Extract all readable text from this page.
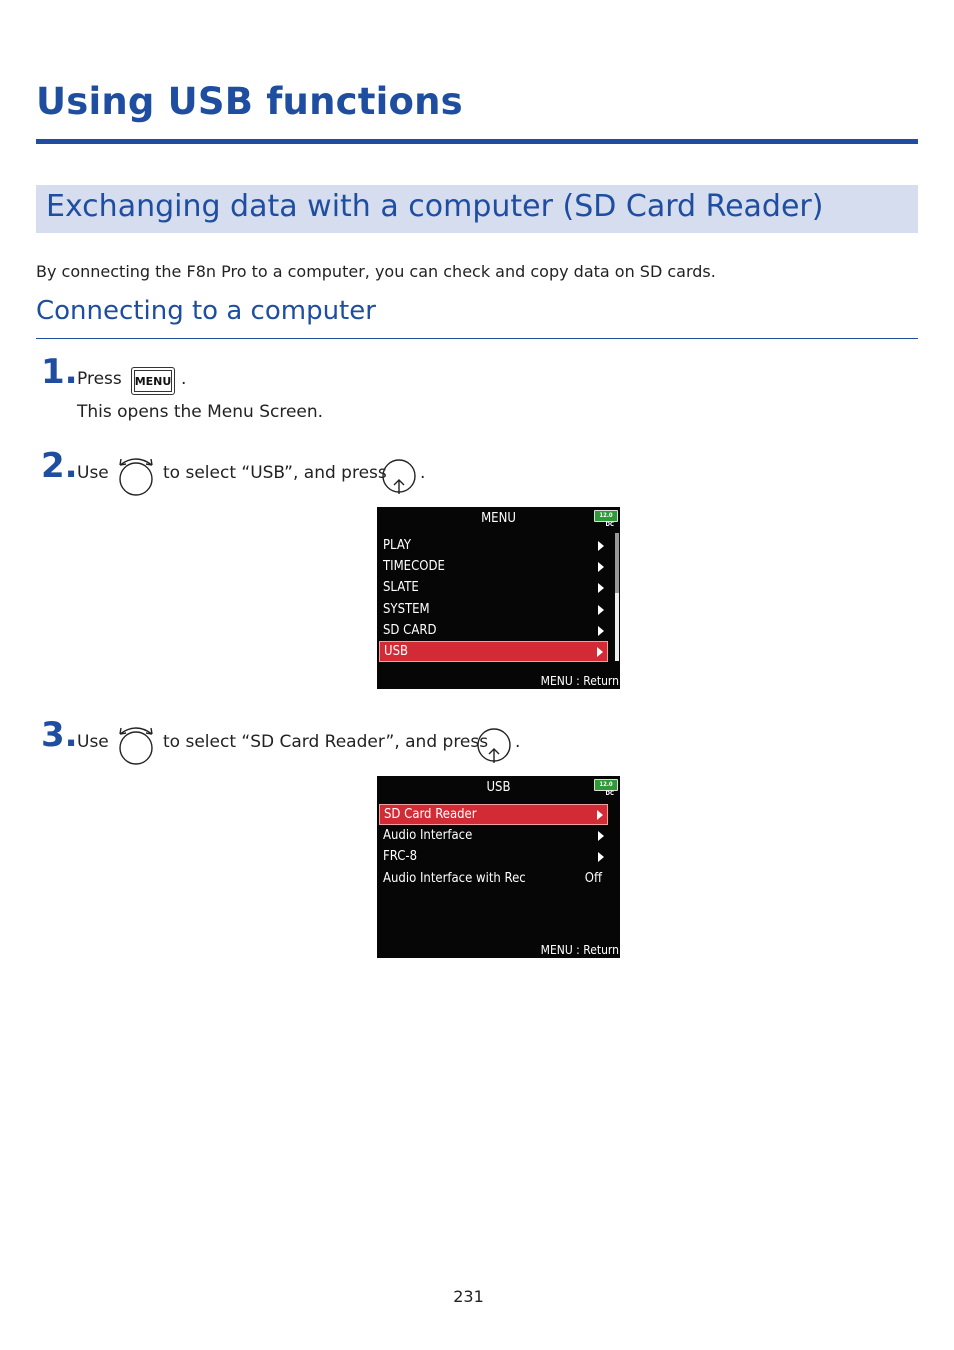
Using USB functions
Exchanging data with a computer (SD Card Reader)
By connecting the F8n Pro to a computer, you can check and copy data on SD cards.
Connecting to a computer
1. Press	MENU .
This opens the Menu Screen.
2. Use	to select “USB”, and press .
MENU	12.0
DC
PLAY
TIMECODE
SLATE
SYSTEM
SD CARD
USB
MENU : Return
3. Use	to select “SD Card Reader”, and press .
USB	12.0
DC
SD Card Reader
Audio Interface
FRC-8
Audio Interface with Rec	Off
MENU : Return
231
